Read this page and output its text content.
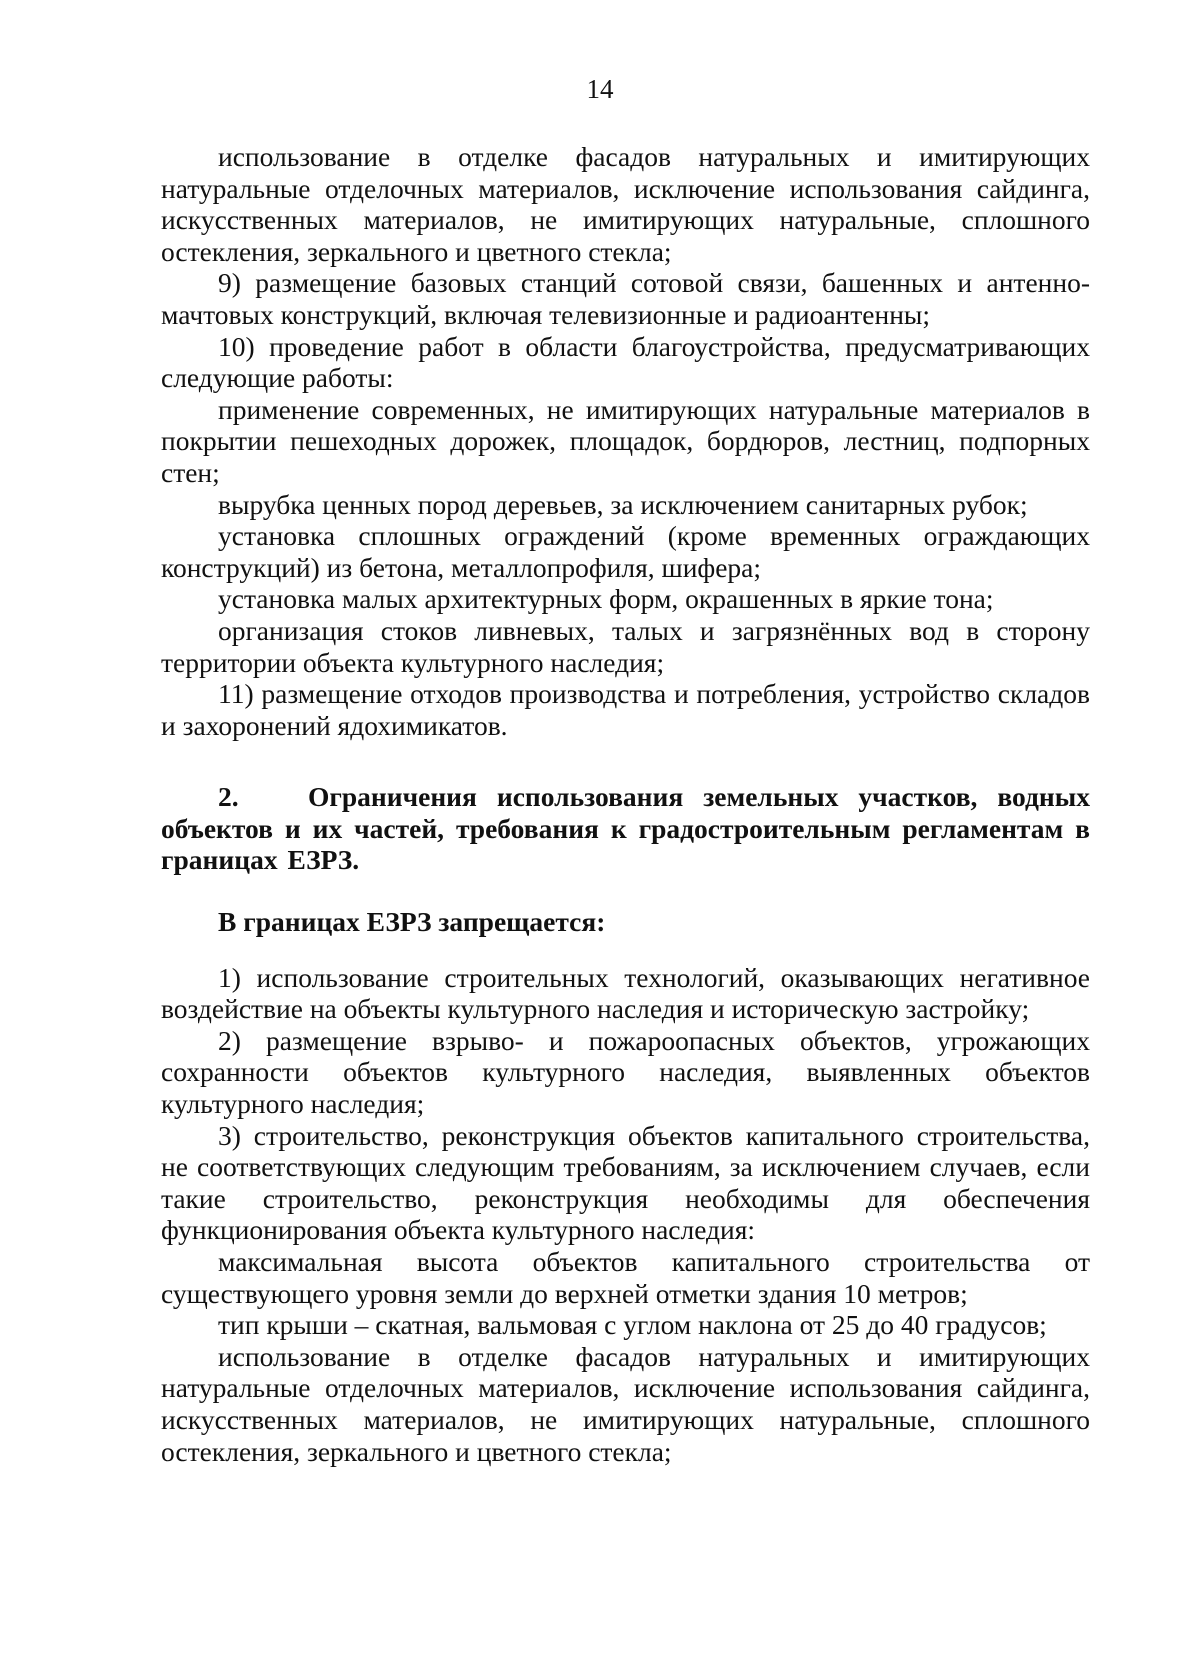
14

использование в отделке фасадов натуральных и имитирующих натуральные отделочных материалов, исключение использования сайдинга, искусственных материалов, не имитирующих натуральные, сплошного остекления, зеркального и цветного стекла;

9) размещение базовых станций сотовой связи, башенных и антенно-мачтовых конструкций, включая телевизионные и радиоантенны;

10) проведение работ в области благоустройства, предусматривающих следующие работы:

применение современных, не имитирующих натуральные материалов в покрытии пешеходных дорожек, площадок, бордюров, лестниц, подпорных стен;

вырубка ценных пород деревьев, за исключением санитарных рубок;

установка сплошных ограждений (кроме временных ограждающих конструкций) из бетона, металлопрофиля, шифера;

установка малых архитектурных форм, окрашенных в яркие тона;

организация стоков ливневых, талых и загрязнённых вод в сторону территории объекта культурного наследия;

11) размещение отходов производства и потребления, устройство складов и захоронений ядохимикатов.

2.	Ограничения использования земельных участков, водных объектов и их частей, требования к градостроительным регламентам в границах ЕЗРЗ.
В границах ЕЗРЗ запрещается:

1) использование строительных технологий, оказывающих негативное воздействие на объекты культурного наследия и историческую застройку;

2) размещение взрыво- и пожароопасных объектов, угрожающих сохранности объектов культурного наследия, выявленных объектов культурного наследия;

3) строительство, реконструкция объектов капитального строительства, не соответствующих следующим требованиям, за исключением случаев, если такие строительство, реконструкция необходимы для обеспечения функционирования объекта культурного наследия:

максимальная высота объектов капитального строительства от существующего уровня земли до верхней отметки здания 10 метров;

тип крыши – скатная, вальмовая с углом наклона от 25 до 40 градусов;

использование в отделке фасадов натуральных и имитирующих натуральные отделочных материалов, исключение использования сайдинга, искусственных материалов, не имитирующих натуральные, сплошного остекления, зеркального и цветного стекла;
